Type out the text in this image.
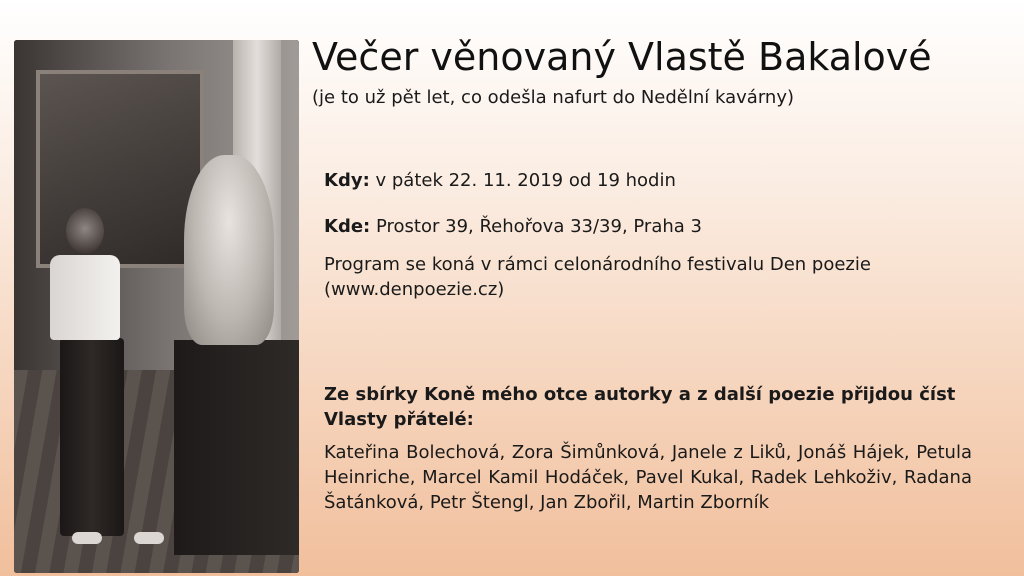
Večer věnovaný Vlastě Bakalové
(je to už pět let, co odešla nafurt do Nedělní kavárny)
Kdy: v pátek 22. 11. 2019 od 19 hodin
Kde: Prostor 39, Řehořova 33/39, Praha 3
Program se koná v rámci celonárodního festivalu Den poezie
(www.denpoezie.cz)
Ze sbírky Koně mého otce autorky a z další poezie přijdou číst
Vlasty přátelé:
Kateřina Bolechová, Zora Šimůnková, Janele z Liků, Jonáš Hájek, Petula Heinriche, Marcel Kamil Hodáček, Pavel Kukal, Radek Lehkoživ, Radana Šatánková, Petr Štengl, Jan Zbořil, Martin Zborník
